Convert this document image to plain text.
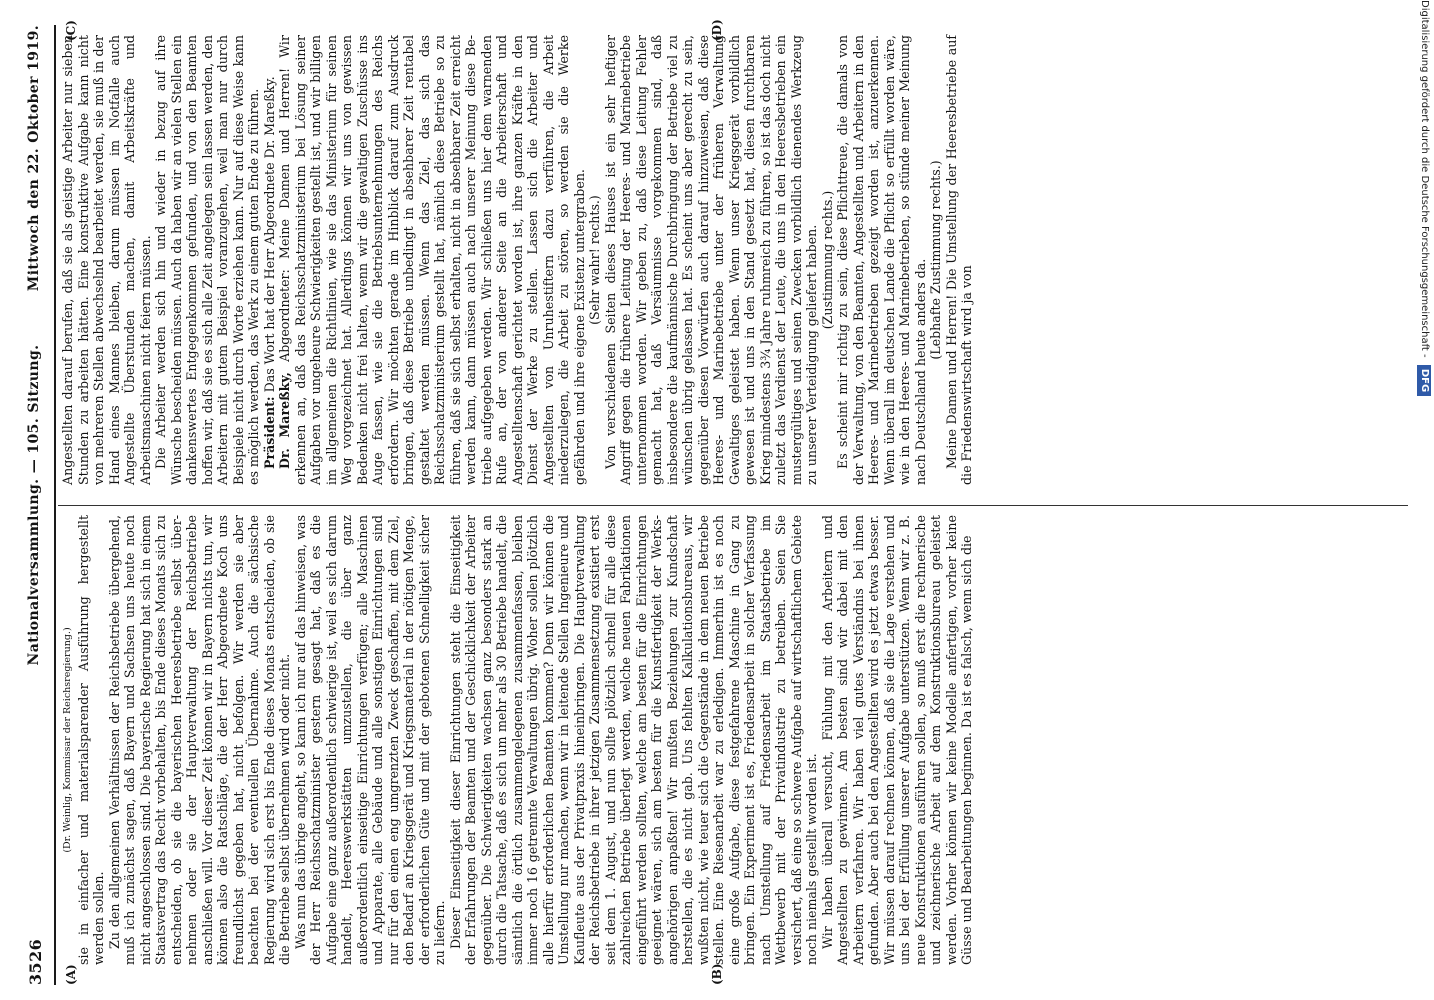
3526
Nationalversammlung. — 105. Sitzung.
Mittwoch den 22. Oktober 1919.
(A)	(B)
(C)	(D)

(Dr. Weinlig, Kommissar der Reichsregierung.) sie in einfacher und materialsparender Ausführung hergestellt werden sollen. Zu den allgemeinen Verhältnissen der Reichsbetriebe übergehend, muß ich zunächst sagen, daß Bayern und Sachsen uns heute noch nicht angeschlossen sind. Die bayerische Regierung hat sich in einem Staatsvertrag das Recht vorbehalten, bis Ende dieses Monats sich zu entscheiden, ob sie die bayerischen Heeresbetriebe selbst übernehmen oder sie der Hauptverwaltung der Reichsbetriebe anschließen will. Vor dieser Zeit können wir in Bayern nichts tun, wir können also die Ratschläge, die der Herr Abgeordnete Koch uns freundlichst gegeben hat, nicht befolgen. Wir werden sie aber beachten bei der eventuellen Übernahme. Auch die sächsische Regierung wird sich erst bis Ende dieses Monats entscheiden, ob sie die Betriebe selbst übernehmen wird oder nicht. Was nun das übrige angeht, so kann ich nur auf das hinweisen, was der Herr Reichsschatzminister gestern gesagt hat, daß es die Aufgabe eine ganz außerordentlich schwierige ist, weil es sich darum handelt, Heereswerkstätten umzustellen, die über ganz außerordentlich einseitige Einrichtungen verfügen; alle Maschinen und Apparate, alle Gebäude und alle sonstigen Einrichtungen sind nur für den einen eng umgrenzten Zweck geschaffen, mit dem Ziel, den Bedarf an Kriegsgerät und Kriegsmaterial in der nötigen Menge, der erforderlichen Güte und mit der gebotenen Schnelligkeit sicher zu liefern. Dieser Einseitigkeit dieser Einrichtungen steht die Einseitigkeit der Erfahrungen der Beamten und der Geschicklichkeit der Arbeiter gegenüber. Die Schwierigkeiten wachsen ganz besonders stark an durch die Tatsache, daß es sich um mehr als 30 Betriebe handelt, die sämtlich die örtlich zusammengelegenen zusammenfassen, bleiben immer noch 16 getrennte Verwaltungen übrig. Woher sollen plötzlich alle hierfür erforderlichen Beamten kommen? Denn wir können die Umstellung nur machen, wenn wir in leitende Stellen Ingenieure und Kaufleute aus der Privatpraxis hineinbringen. Die Hauptverwaltung der Reichsbetriebe in ihrer jetzigen Zusammensetzung existiert erst seit dem 1. August, und nun sollte plötzlich schnell für alle diese zahlreichen Betriebe überlegt werden, welche neuen Fabrikationen eingeführt werden sollten, welche am besten für die Einrichtungen geeignet wären, sich am besten für die Kunstfertigkeit der Werksangehörigen anpaßten! Wir mußten Beziehungen zur Kundschaft herstellen, die es nicht gab. Uns fehlten Kalkulationsbureaus, wir wußten nicht, wie teuer sich die Gegenstände in dem neuen Betriebe stellen. Eine Riesenarbeit war zu erledigen. Immerhin ist es noch eine große Aufgabe, diese festgefahrene Maschine in Gang zu bringen. Ein Experiment ist es, Friedensarbeit in solcher Verfassung nach Umstellung auf Friedensarbeit im Staatsbetriebe im Wettbewerb mit der Privatindustrie zu betreiben. Seien Sie versichert, daß eine so schwere Aufgabe auf wirtschaftlichem Gebiete noch niemals gestellt worden ist. Wir haben überall versucht, Fühlung mit den Arbeitern und Angestellten zu gewinnen. Am besten sind wir dabei mit den Arbeitern verfahren. Wir haben viel gutes Verständnis bei ihnen gefunden. Aber auch bei den Angestellten wird es jetzt etwas besser. Wir müssen darauf rechnen können, daß sie die Lage verstehen und uns bei der Erfüllung unserer Aufgabe unterstützen. Wenn wir z. B. neue Konstruktionen ausführen sollen, so muß erst die rechnerische und zeichnerische Arbeit auf dem Konstruktionsbureau geleistet werden. Vorher können wir keine Modelle anfertigen, vorher keine Güsse und Bearbeitungen beginnen. Da ist es falsch, wenn sich die

Angestellten darauf berufen, daß sie als geistige Arbeiter nur sieben Stunden zu arbeiten hätten. Eine konstruktive Aufgabe kann nicht von mehreren Stellen abwechselnd bearbeitet werden, sie muß in der Hand eines Mannes bleiben, darum müssen im Notfalle auch Angestellte Überstunden machen, damit Arbeitskräfte und Arbeitsmaschinen nicht feiern müssen. Die Arbeiter werden sich hin und wieder in bezug auf ihre Wünsche bescheiden müssen. Auch da haben wir an vielen Stellen ein dankenswertes Entgegenkommen gefunden, und von den Beamten hoffen wir, daß sie es sich alle Zeit angelegen sein lassen werden, den Arbeitern mit gutem Beispiel voranzugehen, weil man nur durch Beispiele nicht durch Worte erziehen kann. Nur auf diese Weise kann es möglich werden, das Werk zu einem guten Ende zu führen. Präsident: Das Wort hat der Herr Abgeordnete Dr. Mareßky.

Dr. Mareßky, Abgeordneter: Meine Damen und Herren! Wir erkennen an, daß das Reichsschatzministerium bei Lösung seiner Aufgaben vor ungeheure Schwierigkeiten gestellt ist, und wir billigen im allgemeinen die Richtlinien, wie sie das Ministerium für seinen Weg vorgezeichnet hat. Allerdings können wir uns von gewissen Bedenken nicht frei halten, wenn wir die gewaltigen Zuschüsse ins Auge fassen, wie sie die Betriebsunternehmungen des Reichs erfordern. Wir möchten gerade im Hinblick darauf zum Ausdruck bringen, daß diese Betriebe unbedingt in absehbarer Zeit rentabel gestaltet werden müssen. Wenn das Ziel, das sich das Reichsschatzministerium gestellt hat, nämlich diese Betriebe so zu führen, daß sie sich selbst erhalten, nicht in absehbarer Zeit erreicht werden kann, dann müssen auch nach unserer Meinung diese Betriebe aufgegeben werden. Wir schließen uns hier dem warnenden Rufe an, der von anderer Seite an die Arbeiterschaft und Angestelltenschaft gerichtet worden ist, ihre ganzen Kräfte in den Dienst der Werke zu stellen. Lassen sich die Arbeiter und Angestellten von Unruhestiftern dazu verführen, die Arbeit niederzulegen, die Arbeit zu stören, so werden sie die Werke gefährden und ihre eigene Existenz untergraben. (Sehr wahr! rechts.) Von verschiedenen Seiten dieses Hauses ist ein sehr heftiger Angriff gegen die frühere Leitung der Heeres- und Marinebetriebe unternommen worden. Wir geben zu, daß diese Leitung Fehler gemacht hat, daß Versäumnisse vorgekommen sind, daß insbesondere die kaufmännische Durchbringung der Betriebe viel zu wünschen übrig gelassen hat. Es scheint uns aber gerecht zu sein, gegenüber diesen Vorwürfen auch darauf hinzuweisen, daß diese Heeres- und Marinebetriebe unter der früheren Verwaltung Gewaltiges geleistet haben. Wenn unser Kriegsgerät vorbildlich gewesen ist und uns in den Stand gesetzt hat, diesen furchtbaren Krieg mindestens 3¾ Jahre ruhmreich zu führen, so ist das doch nicht zuletzt das Verdienst der Leute, die uns in den Heeresbetrieben ein mustergültiges und seinen Zwecken vorbildlich dienendes Werkzeug zu unserer Verteidigung geliefert haben. (Zustimmung rechts.) Es scheint mir richtig zu sein, diese Pflichttreue, die damals von der Verwaltung, von den Beamten, Angestellten und Arbeitern in den Heeres- und Marinebetrieben gezeigt worden ist, anzuerkennen. Wenn überall im deutschen Lande die Pflicht so erfüllt worden wäre, wie in den Heeres- und Marinebetrieben, so stünde meiner Meinung nach Deutschland heute anders da. (Lebhafte Zustimmung rechts.) Meine Damen und Herren! Die Umstellung der Heeresbetriebe auf die Friedenswirtschaft wird ja von

Digitalisierung gefördert durch die Deutsche Forschungsgemeinschaft - DFG
